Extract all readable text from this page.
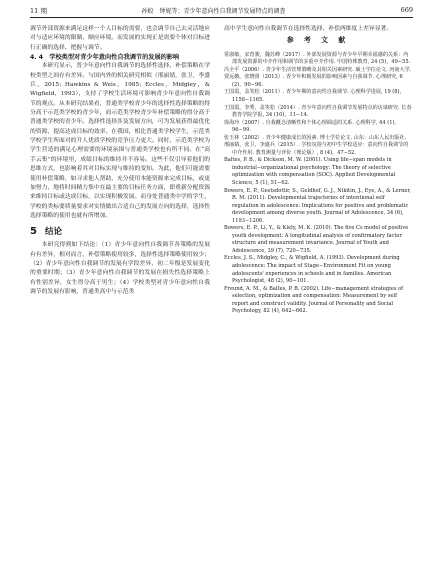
11 期	孙蛟　钟妮等：青少年意向性自我调节发展特点的调查	669

调节外部资源来满足这样一个人目标的需要，也会调节自己去灵活地应对与适应环境的限制、顺应环境。而发展的实现正是需要个体对目标进行正确的选择、把握与调节。

4. 4　学校类型对青少年意向性自我调节的发展的影响

本研究显示，普少年意向性自我调节的选择性选择、补偿策略在学校类型之间存有差异。与国内外的相关研究相似（邢丽婧，张卫，李盛兵，2015；Hawkins & Weis，1985；Eccles，Midgley，& Wigfield，1993），支持了学校生活环境可影响青少年意向性自我调节的观点。从本研究结果看，普通类学校青少年的选择性选择策略的得分高于示范类学校的青少年，而示范类学校青少年补偿策略的得分高于普通类学校的青少年。选择性选择涉及发展方向，可为发展获得最优化的资源，提高达成目标的效率。在我国，相比普通类学校学生，示范类学校学生所面对的升人优质学校的竞争压力更大。同时，示范类学校为学生营造的满足心理需要的环境氛围与普通类学校也有所不同。在“高手云集”的环境里，成绩目标的维持并不容易。这些不仅引导着他们的思维方式，也影响着其对目标实现与维持的变知。为此，他们可能需要使用补偿策略，如寻求他人帮助，充分使用本能资源来完成目标，或更加努力，地将时间精力集中在最主要的目标任务方面，即重新分配资源来维持目标或达成目标，以实现积极发展。而身处普通类中学的学生，学校的类标要质量要求对实情做出合适自己的发展方向的选择，选择性选择策略的使用也就有所增加。

5 结论

本研究得到如下结论：（1）青少年意向性自我调节各策略的发展有有差异，相对而言，补偿策略使用较多，选择性选择策略使用较少；（2）青少年意向性自我调节的发展有学段差异，初二年级是发展变化的重要时期；（3）青少年意向性自我调节的发展在损失性选择策略上有性别差异，女生得分高于男生；（4）学校类型对青少年意向性自我调节的发展有影响，普通类高中与示范类

高中学生意向性自我调节在选择性选择、补偿两维度上差异显著。

参 考 文 献

常淑敏，宋育骏，魏苏峰（2017）. 外部发展资源与青少年早期幸福感的关系：内部发展资源的中介作用和调节的多重中介作用. 中国特殊教育, 24 (5)，49−55.

冯全平（2006）. 青少年生活管理策略及其相关因素研究. 硕士学位论文. 河南大学.

贾远娥，张晓贤（2013）. 青少年积极发展的影响因素与自我调节. 心理研究, 6 (2)，90−96.

王国霞，盖笑松（2011）. 青少年期的意向性自我调节. 心理科学进展, 19 (8)，1158−1165.

王国霞，李秀，盖笑松（2014）. 青少年意向性自我调节发展特点的访谈研究. 长春教育学院学报, 34 (10)，11−14.

徐海玲（2007）. 自我概念清晰性和个体心理调适的关系. 心理科学, 44 (1)，96−99.

张玉林（2002）. 青少年健康成长的因素. 博士学位论文. 山东：山东人民出版社.

邢丽婧，张卫，李盛兵（2015）. 学校氛围与初中生学校适应：意向性自我调节的中介作用. 教育测量与评价（理论版）, 8 (4)，47−52.

Baltes, P. B., & Dickson, M. W. (2001). Using life−span models in industrial−organizational psychology: The theory of selective optimization with compensation (SOC). Applied Developmental Science, 5 (1), 51−62.

Bowers, E. P., Gestsdottir, S., Geldhof, G. J., Nikitin, J., Eye, A., & Lerner, R. M. (2011). Developmental trajectories of intentional self regulation in adolescence: Implications for positive and problematic development among diverse youth. Journal of Adolescence, 34 (6), 1193−1206.

Bowers, E. P., Li, Y., & Kiely, M. K. (2010). The five Cs model of positive youth development: A longitudinal analysis of confirmatory factor structure and measurement invariance. Journal of Youth and Adolescence, 39 (7), 720−735.

Eccles, J. S., Midgley, C., & Wigfield, A. (1993). Development during adolescence: The impact of Stage−Environment Fit on young adolescents' experiences in schools and in families. American Psychologist, 48 (2), 90−101.

Freund, A. M., & Baltes, P. B. (2002). Life−management strategies of selection, optimization and compensation: Measurement by self report and construct validity. Journal of Personality and Social Psychology, 82 (4), 642−662.
